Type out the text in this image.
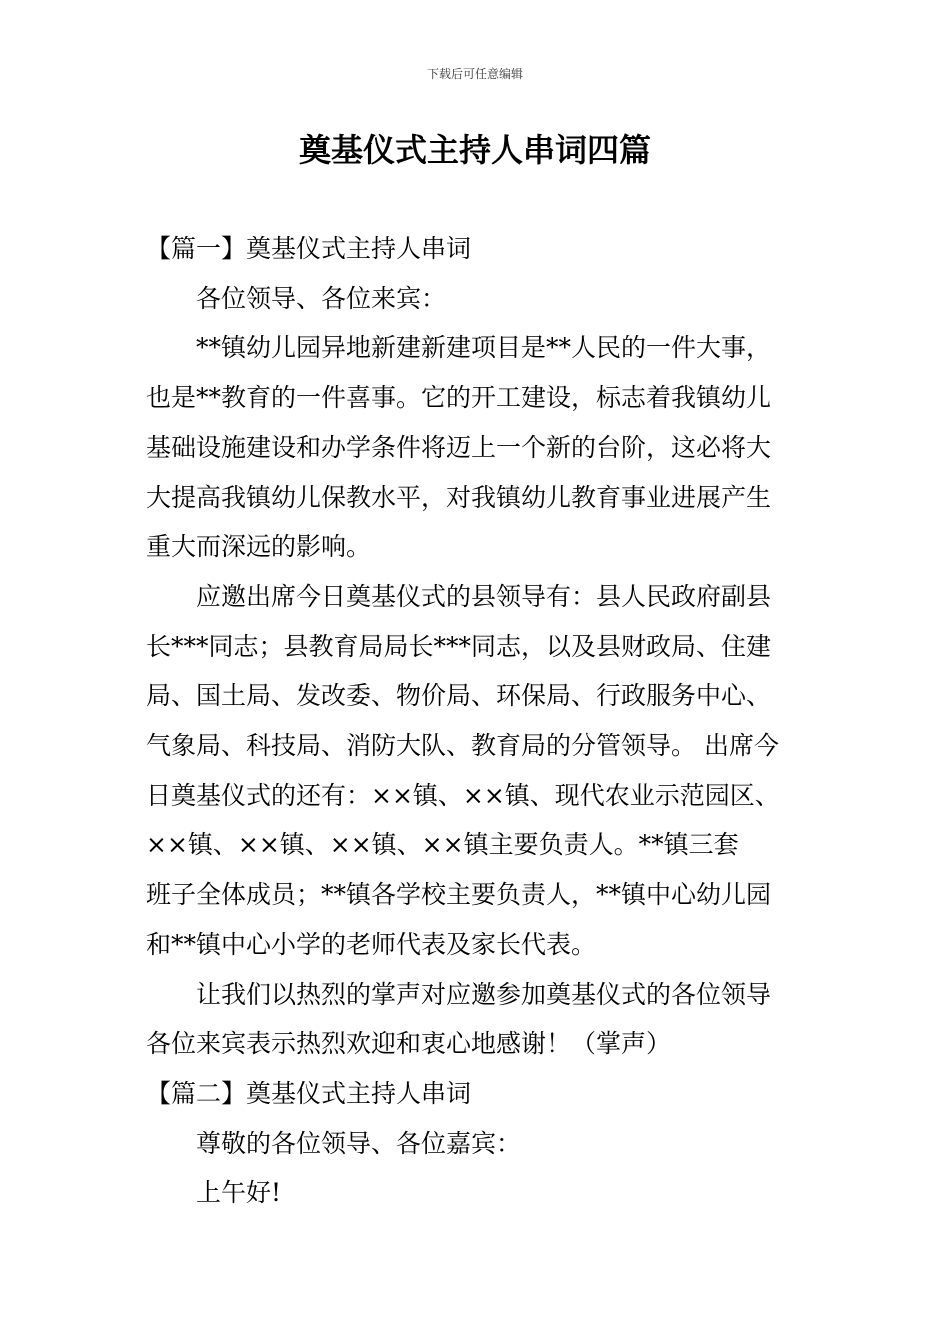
下载后可任意编辑
奠基仪式主持人串词四篇

【篇一】奠基仪式主持人串词

各位领导、各位来宾：

**镇幼儿园异地新建新建项目是**人民的一件大事，

也是**教育的一件喜事。它的开工建设，标志着我镇幼儿

基础设施建设和办学条件将迈上一个新的台阶，这必将大

大提高我镇幼儿保教水平，对我镇幼儿教育事业进展产生

重大而深远的影响。

应邀出席今日奠基仪式的县领导有：县人民政府副县

长***同志；县教育局局长***同志，以及县财政局、住建

局、国土局、发改委、物价局、环保局、行政服务中心、

气象局、科技局、消防大队、教育局的分管领导。 出席今

日奠基仪式的还有：××镇、××镇、现代农业示范园区、

××镇、××镇、××镇、××镇主要负责人。**镇三套

班子全体成员；**镇各学校主要负责人，**镇中心幼儿园

和**镇中心小学的老师代表及家长代表。

让我们以热烈的掌声对应邀参加奠基仪式的各位领导

各位来宾表示热烈欢迎和衷心地感谢！（掌声）

【篇二】奠基仪式主持人串词

尊敬的各位领导、各位嘉宾：

上午好!
